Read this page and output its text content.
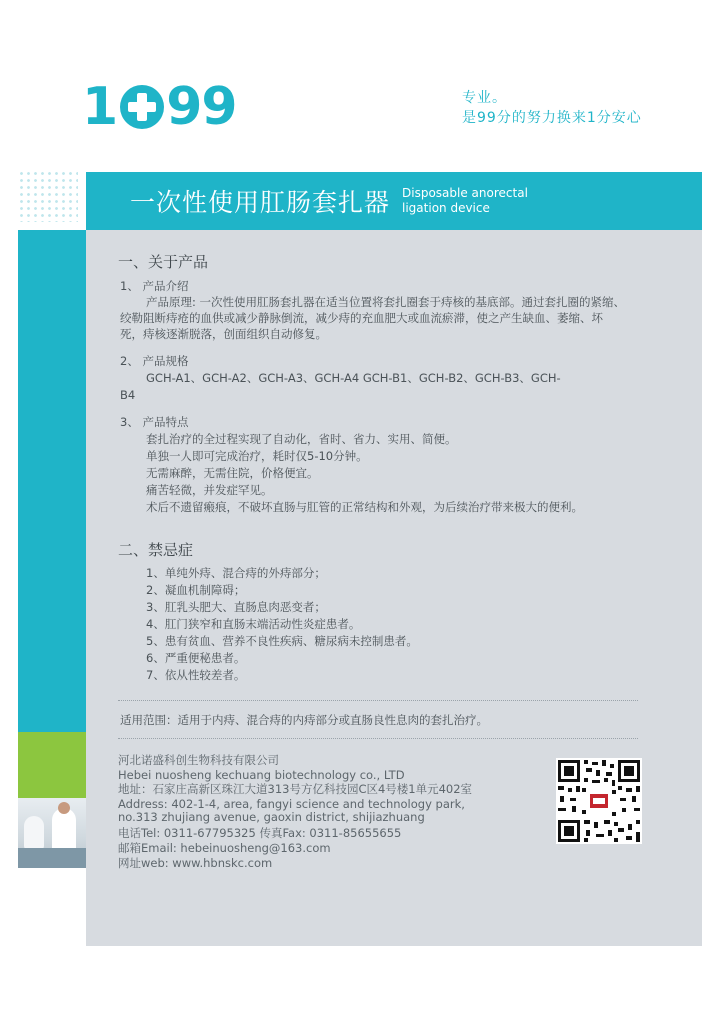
1 99	专业。
是99分的努力换来1分安心
一次性使用肛肠套扎器 Disposable anorectal ligation device
一、关于产品
1、 产品介绍
产品原理: 一次性使用肛肠套扎器在适当位置将套扎圈套于痔核的基底部。通过套扎圈的紧缩、
绞勒阻断痔疮的血供或减少静脉倒流，减少痔的充血肥大或血流瘀滞，使之产生缺血、萎缩、坏
死，痔核逐渐脱落，创面组织自动修复。
2、 产品规格
GCH-A1、GCH-A2、GCH-A3、GCH-A4 GCH-B1、GCH-B2、GCH-B3、GCH-
B4
3、 产品特点
套扎治疗的全过程实现了自动化，省时、省力、实用、简便。
单独一人即可完成治疗，耗时仅5-10分钟。
无需麻醉，无需住院，价格便宜。
痛苦轻微，并发症罕见。
术后不遗留瘢痕，不破坏直肠与肛管的正常结构和外观，为后续治疗带来极大的便利。
二、禁忌症
1、单纯外痔、混合痔的外痔部分；
2、凝血机制障碍；
3、肛乳头肥大、直肠息肉恶变者；
4、肛门狭窄和直肠末端活动性炎症患者。
5、患有贫血、营养不良性疾病、糖尿病未控制患者。
6、严重便秘患者。
7、依从性较差者。
适用范围：适用于内痔、混合痔的内痔部分或直肠良性息肉的套扎治疗。
河北诺盛科创生物科技有限公司
Hebei nuosheng kechuang biotechnology co., LTD
地址：石家庄高新区珠江大道313号方亿科技园C区4号楼1单元402室
Address: 402-1-4, area, fangyi science and technology park,
no.313 zhujiang avenue, gaoxin district, shijiazhuang
电话Tel: 0311-67795325 传真Fax: 0311-85655655
邮箱Email: hebeinuosheng@163.com
网址web: www.hbnskc.com
